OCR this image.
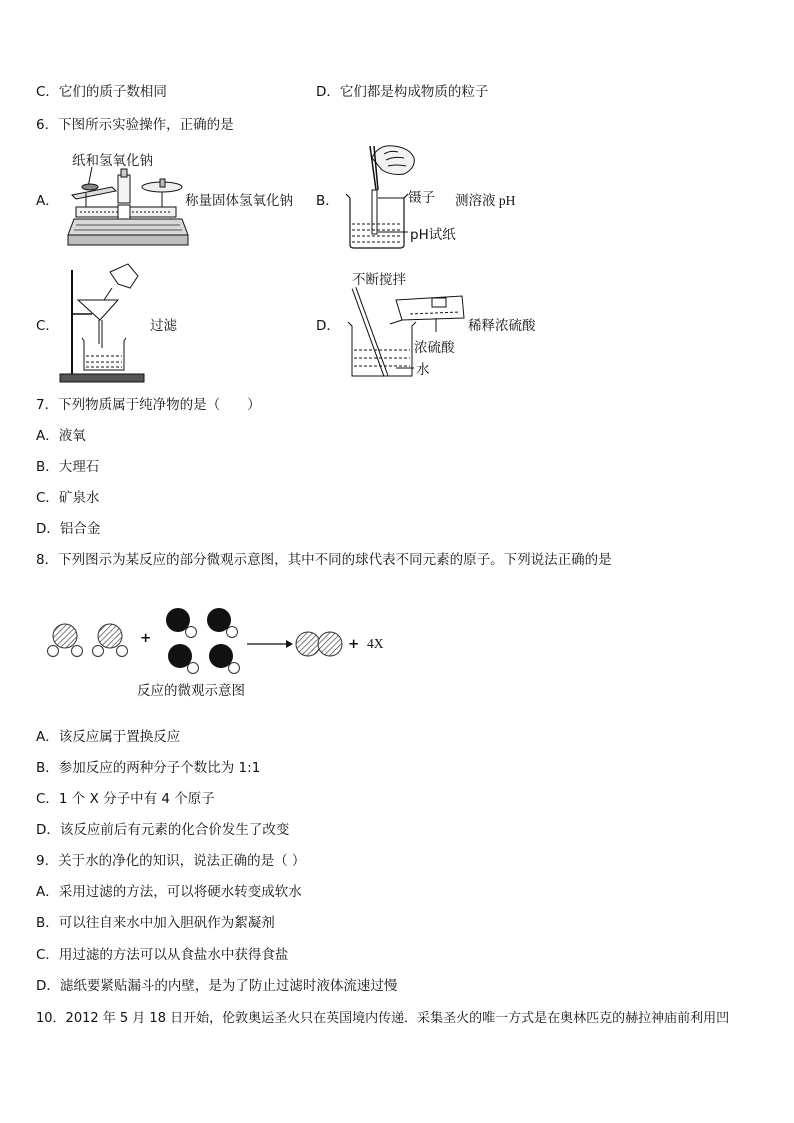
C．它们的质子数相同	D．它们都是构成物质的粒子
6．下图所示实验操作，正确的是
A．
纸和氢氧化钠
称量固体氢氧化钠 B．	镊子 测溶液 pH
pH试纸
C．	过滤	D．
不断搅拌
稀释浓硫酸
浓硫酸
水
7．下列物质属于纯净物的是（　　）
A．液氧
B．大理石
C．矿泉水
D．铝合金
8．下列图示为某反应的部分微观示意图，其中不同的球代表不同元素的原子。下列说法正确的是
+	+ 4X
反应的微观示意图
A．该反应属于置换反应
B．参加反应的两种分子个数比为 1:1
C．1 个 X 分子中有 4 个原子
D．该反应前后有元素的化合价发生了改变
9．关于水的净化的知识，说法正确的是（ ）
A．采用过滤的方法，可以将硬水转变成软水
B．可以往自来水中加入胆矾作为絮凝剂
C．用过滤的方法可以从食盐水中获得食盐
D．滤纸要紧贴漏斗的内壁，是为了防止过滤时液体流速过慢
10．2012 年 5 月 18 日开始，伦敦奥运圣火只在英国境内传递．采集圣火的唯一方式是在奥林匹克的赫拉神庙前利用凹
